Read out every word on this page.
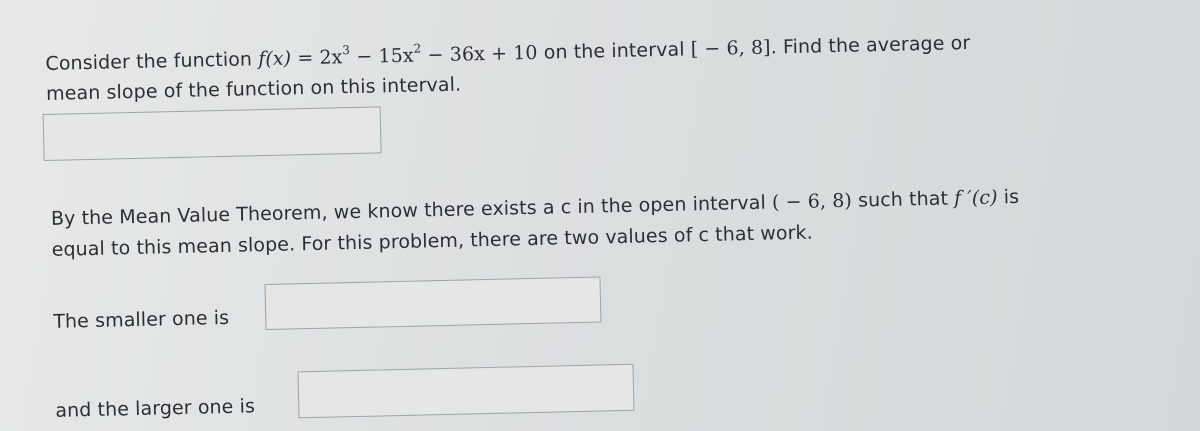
Consider the function $f(x) = 2x^3 - 15x^2 - 36x + 10$ on the interval [ − 6, 8]. Find the average or
mean slope of the function on this interval.
By the Mean Value Theorem, we know there exists a c in the open interval ( − 6, 8) such that f ′(c) is
equal to this mean slope. For this problem, there are two values of c that work.
The smaller one is
and the larger one is
